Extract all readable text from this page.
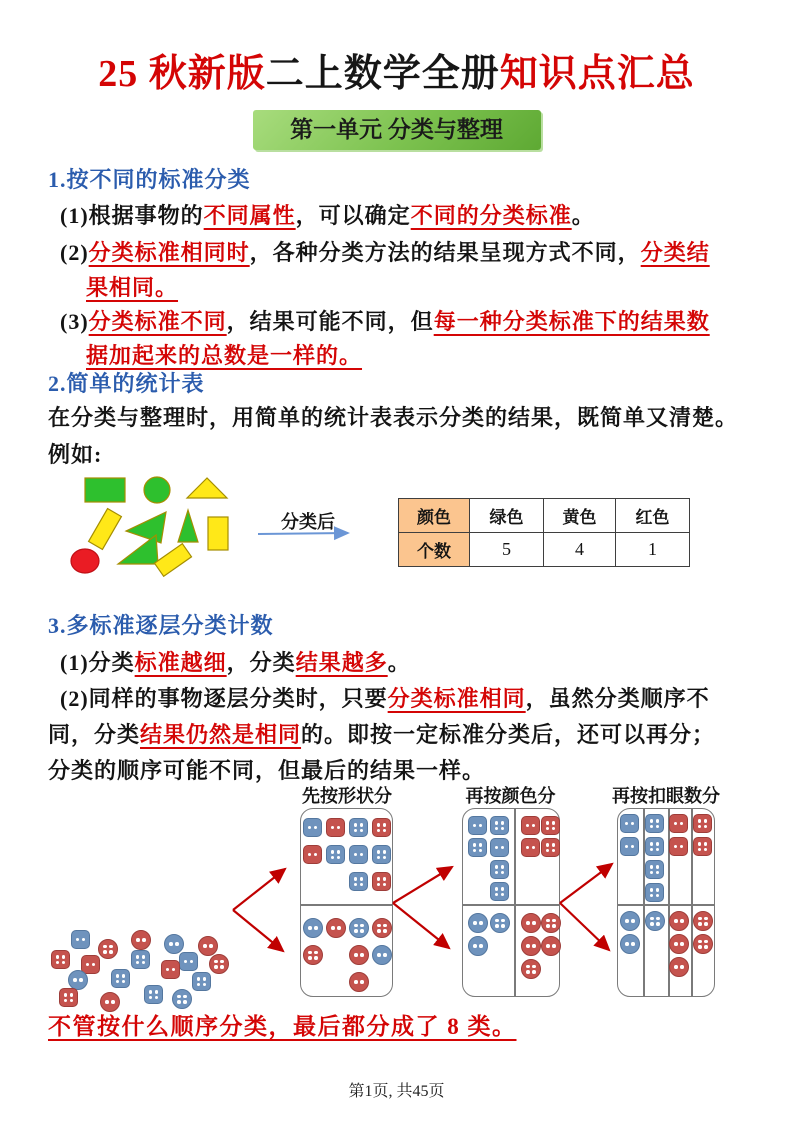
25 秋新版二上数学全册知识点汇总
第一单元 分类与整理
1.按不同的标准分类
(1)根据事物的不同属性，可以确定不同的分类标准。
(2)分类标准相同时，各种分类方法的结果呈现方式不同，分类结
果相同。
(3)分类标准不同，结果可能不同，但每一种分类标准下的结果数
据加起来的总数是一样的。
2.简单的统计表
在分类与整理时，用简单的统计表表示分类的结果，既简单又清楚。
例如:
分类后	颜色	绿色	黄色	红色
个数	5	4	1
3.多标准逐层分类计数
(1)分类标准越细，分类结果越多。
(2)同样的事物逐层分类时，只要分类标准相同，虽然分类顺序不
同，分类结果仍然是相同的。即按一定标准分类后，还可以再分；
分类的顺序可能不同，但最后的结果一样。
先按形状分	再按颜色分	再按扣眼数分
不管按什么顺序分类，最后都分成了 8 类。
第1页, 共45页
